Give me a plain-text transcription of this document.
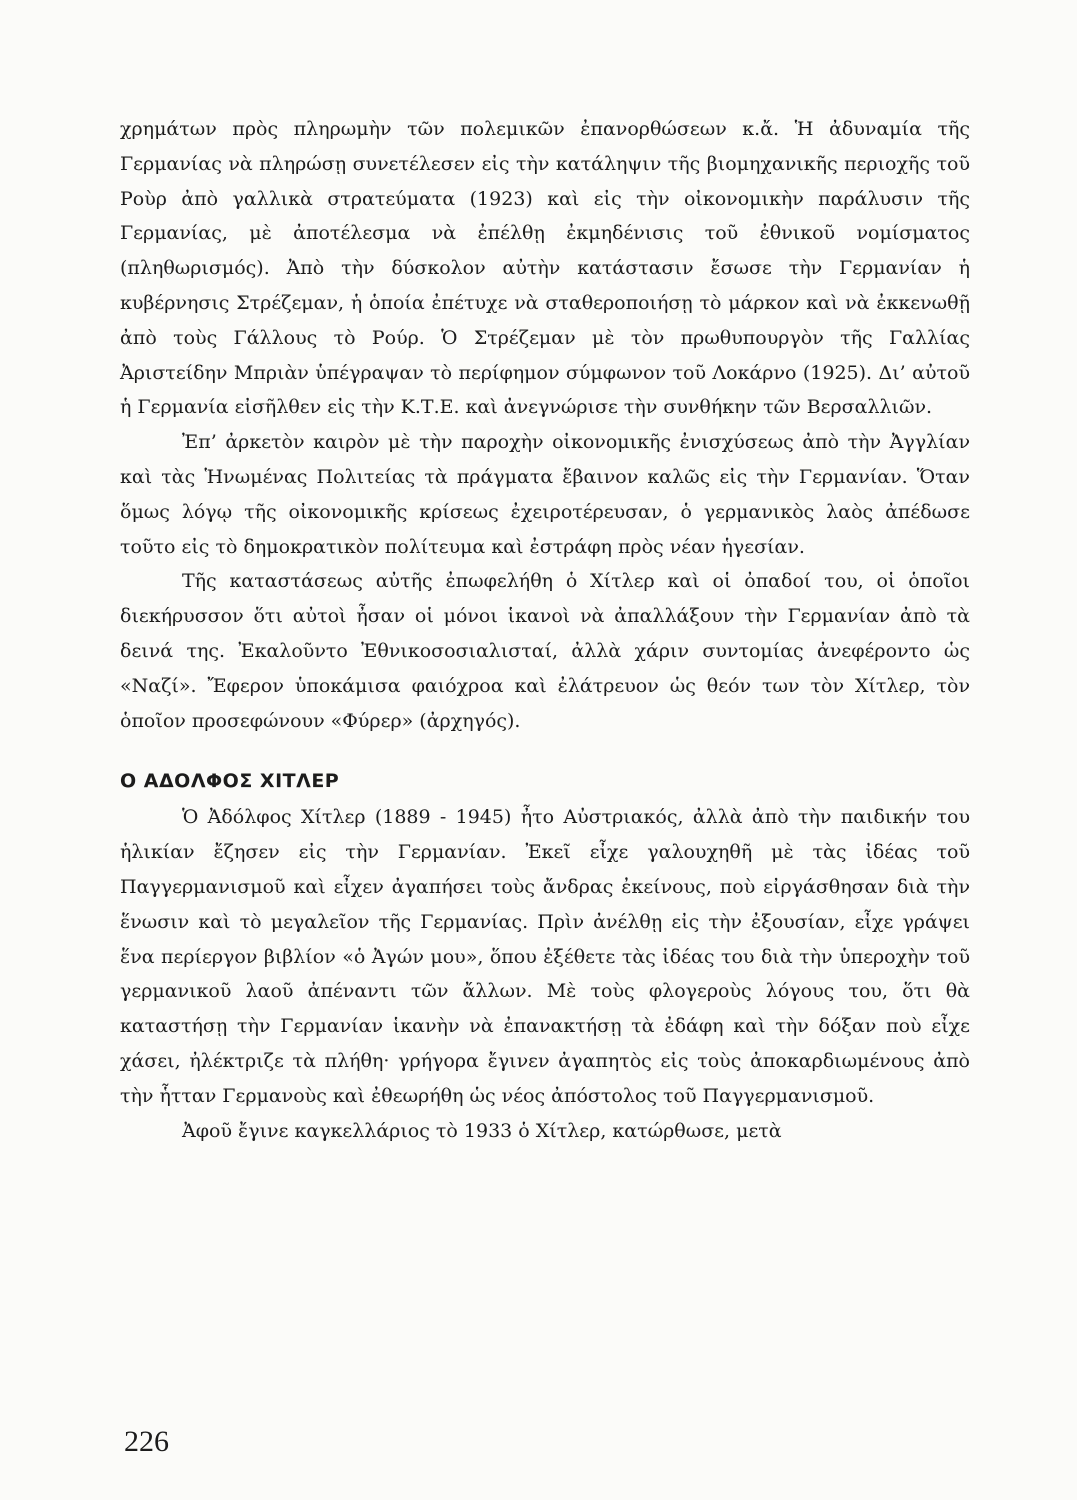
χρημάτων πρὸς πληρωμὴν τῶν πολεμικῶν ἐπανορθώσεων κ.ἄ. Ἡ ἀδυναμία τῆς Γερμανίας νὰ πληρώσῃ συνετέλεσεν εἰς τὴν κατάληψιν τῆς βιομηχανικῆς περιοχῆς τοῦ Ροὺρ ἀπὸ γαλλικὰ στρατεύματα (1923) καὶ εἰς τὴν οἰκονομικὴν παράλυσιν τῆς Γερμανίας, μὲ ἀποτέλεσμα νὰ ἐπέλθῃ ἐκμηδένισις τοῦ ἐθνικοῦ νομίσματος (πληθωρισμός). Ἀπὸ τὴν δύσκολον αὐτὴν κατάστασιν ἔσωσε τὴν Γερμανίαν ἡ κυβέρνησις Στρέζεμαν, ἡ ὁποία ἐπέτυχε νὰ σταθεροποιήσῃ τὸ μάρκον καὶ νὰ ἐκκενωθῇ ἀπὸ τοὺς Γάλλους τὸ Ρούρ. Ὁ Στρέζεμαν μὲ τὸν πρωθυπουργὸν τῆς Γαλλίας Ἀριστείδην Μπριὰν ὑπέγραψαν τὸ περίφημον σύμφωνον τοῦ Λοκάρνο (1925). Δι’ αὐτοῦ ἡ Γερμανία εἰσῆλθεν εἰς τὴν Κ.Τ.Ε. καὶ ἀνεγνώρισε τὴν συνθήκην τῶν Βερσαλλιῶν.

Ἐπ’ ἀρκετὸν καιρὸν μὲ τὴν παροχὴν οἰκονομικῆς ἐνισχύσεως ἀπὸ τὴν Ἀγγλίαν καὶ τὰς Ἡνωμένας Πολιτείας τὰ πράγματα ἔβαινον καλῶς εἰς τὴν Γερμανίαν. Ὅταν ὅμως λόγῳ τῆς οἰκονομικῆς κρίσεως ἐχειροτέρευσαν, ὁ γερμανικὸς λαὸς ἀπέδωσε τοῦτο εἰς τὸ δημοκρατικὸν πολίτευμα καὶ ἐστράφη πρὸς νέαν ἡγεσίαν.

Τῆς καταστάσεως αὐτῆς ἐπωφελήθη ὁ Χίτλερ καὶ οἱ ὀπαδοί του, οἱ ὁποῖοι διεκήρυσσον ὅτι αὐτοὶ ἦσαν οἱ μόνοι ἱκανοὶ νὰ ἀπαλλάξουν τὴν Γερμανίαν ἀπὸ τὰ δεινά της. Ἐκαλοῦντο Ἐθνικοσοσιαλισταί, ἀλλὰ χάριν συντομίας ἀνεφέροντο ὡς «Ναζί». Ἔφερον ὑποκάμισα φαιόχροα καὶ ἐλάτρευον ὡς θεόν των τὸν Χίτλερ, τὸν ὁποῖον προσεφώνουν «Φύρερ» (ἀρχηγός).

Ο ΑΔΟΛΦΟΣ ΧΙΤΛΕΡ

Ὁ Ἀδόλφος Χίτλερ (1889 - 1945) ἦτο Αὐστριακός, ἀλλὰ ἀπὸ τὴν παιδικήν του ἡλικίαν ἔζησεν εἰς τὴν Γερμανίαν. Ἐκεῖ εἶχε γαλουχηθῆ μὲ τὰς ἰδέας τοῦ Παγγερμανισμοῦ καὶ εἶχεν ἀγαπήσει τοὺς ἄνδρας ἐκείνους, ποὺ εἰργάσθησαν διὰ τὴν ἕνωσιν καὶ τὸ μεγαλεῖον τῆς Γερμανίας. Πρὶν ἀνέλθῃ εἰς τὴν ἐξουσίαν, εἶχε γράψει ἕνα περίεργον βιβλίον «ὁ Ἀγών μου», ὅπου ἐξέθετε τὰς ἰδέας του διὰ τὴν ὑπεροχὴν τοῦ γερμανικοῦ λαοῦ ἀπέναντι τῶν ἄλλων. Μὲ τοὺς φλογεροὺς λόγους του, ὅτι θὰ καταστήσῃ τὴν Γερμανίαν ἱκανὴν νὰ ἐπανακτήσῃ τὰ ἐδάφη καὶ τὴν δόξαν ποὺ εἶχε χάσει, ἠλέκτριζε τὰ πλήθη· γρήγορα ἔγινεν ἀγαπητὸς εἰς τοὺς ἀποκαρδιωμένους ἀπὸ τὴν ἧτταν Γερμανοὺς καὶ ἐθεωρήθη ὡς νέος ἀπόστολος τοῦ Παγγερμανισμοῦ.

Ἀφοῦ ἔγινε καγκελλάριος τὸ 1933 ὁ Χίτλερ, κατώρθωσε, μετὰ

226
